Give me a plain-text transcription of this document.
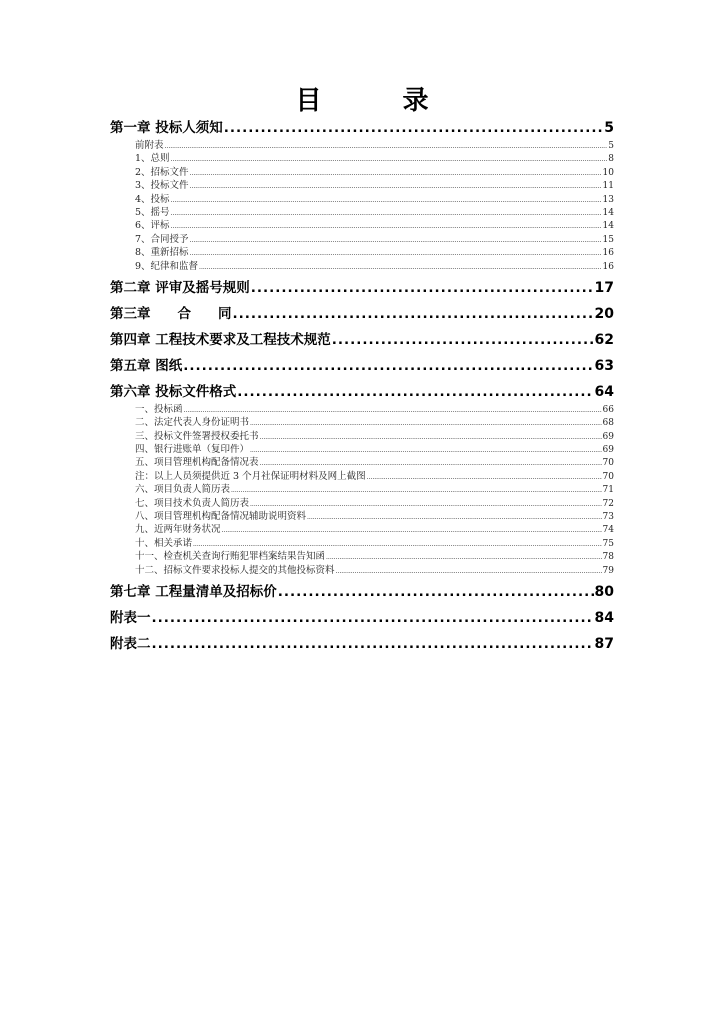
目 录
第一章 投标人须知 .....	5
前附表 .....	5
1、总则 .....	8
2、招标文件 .....	10
3、投标文件 .....	11
4、投标 .....	13
5、摇号 .....	14
6、评标 .....	14
7、合同授予 .....	15
8、重新招标 .....	16
9、纪律和监督 .....	16
第二章 评审及摇号规则 .....	17
第三章　　合　　同 .....	20
第四章 工程技术要求及工程技术规范 .....	62
第五章 图纸 .....	63
第六章 投标文件格式 .....	64
一、投标函 .....	66
二、法定代表人身份证明书 .....	68
三、投标文件签署授权委托书 .....	69
四、银行进账单（复印件） .....	69
五、项目管理机构配备情况表 .....	70
注：以上人员须提供近 3 个月社保证明材料及网上截图 .....	70
六、项目负责人简历表 .....	71
七、项目技术负责人简历表 .....	72
八、项目管理机构配备情况辅助说明资料 .....	73
九、近两年财务状况 .....	74
十、相关承诺 .....	75
十一、检查机关查询行贿犯罪档案结果告知函 .....	78
十二、招标文件要求投标人提交的其他投标资料 .....	79
第七章 工程量清单及招标价 .....	80
附表一 .....	84
附表二 .....	87
